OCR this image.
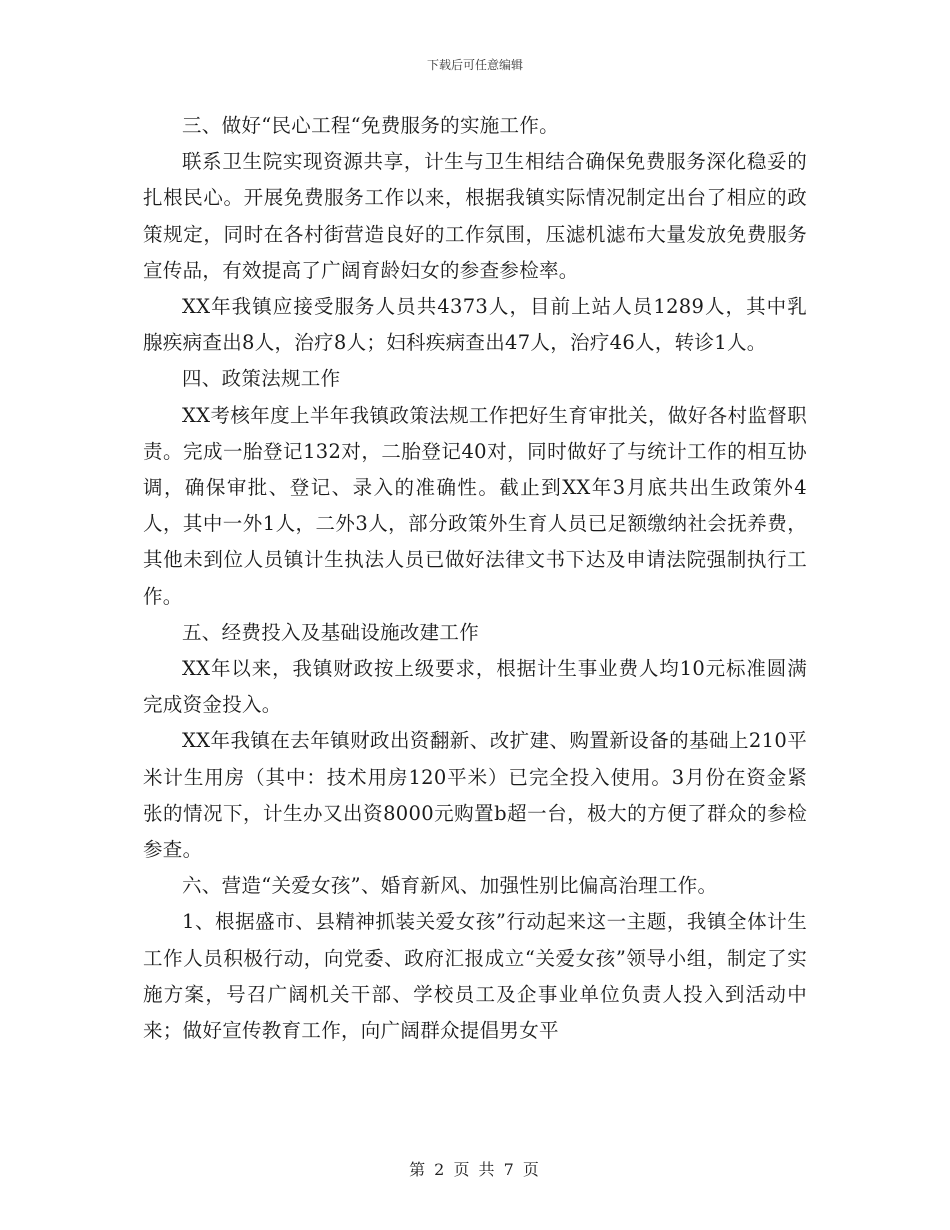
下载后可任意编辑

三、做好“民心工程“免费服务的实施工作。

联系卫生院实现资源共享，计生与卫生相结合确保免费服务深化稳妥的扎根民心。开展免费服务工作以来，根据我镇实际情况制定出台了相应的政策规定，同时在各村街营造良好的工作氛围，压滤机滤布大量发放免费服务宣传品，有效提高了广阔育龄妇女的参查参检率。

XX年我镇应接受服务人员共4373人，目前上站人员1289人，其中乳腺疾病查出8人，治疗8人；妇科疾病查出47人，治疗46人，转诊1人。

四、政策法规工作

XX考核年度上半年我镇政策法规工作把好生育审批关，做好各村监督职责。完成一胎登记132对，二胎登记40对，同时做好了与统计工作的相互协调，确保审批、登记、录入的准确性。截止到XX年3月底共出生政策外4人，其中一外1人，二外3人，部分政策外生育人员已足额缴纳社会抚养费，其他未到位人员镇计生执法人员已做好法律文书下达及申请法院强制执行工作。

五、经费投入及基础设施改建工作

XX年以来，我镇财政按上级要求，根据计生事业费人均10元标准圆满完成资金投入。

XX年我镇在去年镇财政出资翻新、改扩建、购置新设备的基础上210平米计生用房（其中：技术用房120平米）已完全投入使用。3月份在资金紧张的情况下，计生办又出资8000元购置b超一台，极大的方便了群众的参检参查。

六、营造“关爱女孩”、婚育新风、加强性别比偏高治理工作。

1、根据盛市、县精神抓装关爱女孩”行动起来这一主题，我镇全体计生工作人员积极行动，向党委、政府汇报成立“关爱女孩”领导小组，制定了实施方案，号召广阔机关干部、学校员工及企事业单位负责人投入到活动中来；做好宣传教育工作，向广阔群众提倡男女平

第 2 页 共 7 页
